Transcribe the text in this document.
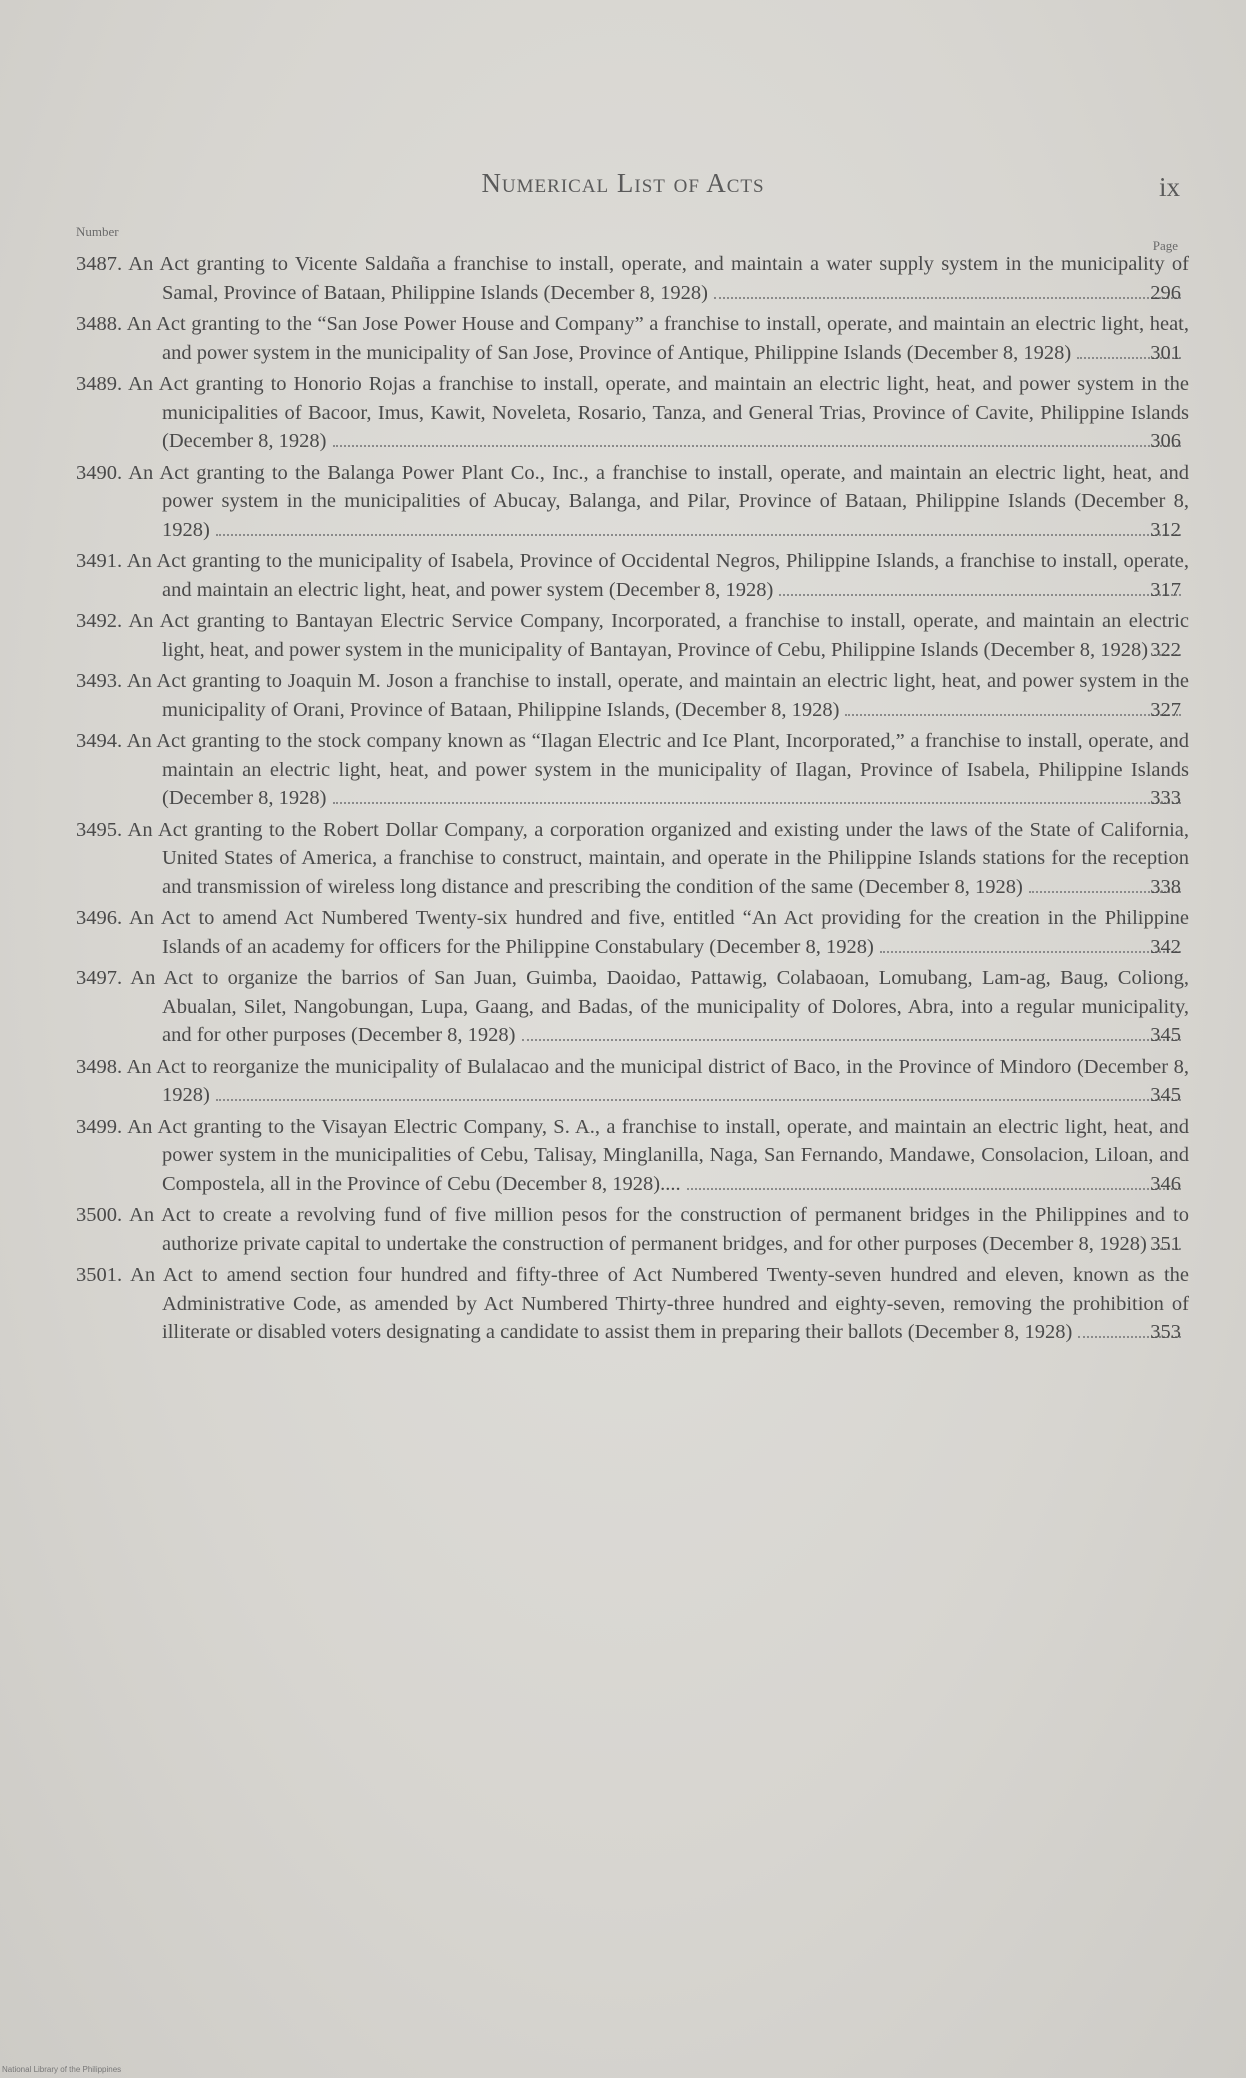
Numerical List of Acts	ix
Number
Page
3487. An Act granting to Vicente Saldaña a franchise to install, operate, and maintain a water supply system in the municipality of Samal, Province of Bataan, Philippine Islands (December 8, 1928)	296
3488. An Act granting to the “San Jose Power House and Company” a franchise to install, operate, and maintain an electric light, heat, and power system in the municipality of San Jose, Province of Antique, Philippine Islands (December 8, 1928)	301
3489. An Act granting to Honorio Rojas a franchise to install, operate, and maintain an electric light, heat, and power system in the municipalities of Bacoor, Imus, Kawit, Noveleta, Rosario, Tanza, and General Trias, Province of Cavite, Philippine Islands (December 8, 1928)	306
3490. An Act granting to the Balanga Power Plant Co., Inc., a franchise to install, operate, and maintain an electric light, heat, and power system in the municipalities of Abucay, Balanga, and Pilar, Province of Bataan, Philippine Islands (December 8, 1928)	312
3491. An Act granting to the municipality of Isabela, Province of Occidental Negros, Philippine Islands, a franchise to install, operate, and maintain an electric light, heat, and power system (December 8, 1928)	317
3492. An Act granting to Bantayan Electric Service Company, Incorporated, a franchise to install, operate, and maintain an electric light, heat, and power system in the municipality of Bantayan, Province of Cebu, Philippine Islands (December 8, 1928) 322
3493. An Act granting to Joaquin M. Joson a franchise to install, operate, and maintain an electric light, heat, and power system in the municipality of Orani, Province of Bataan, Philippine Islands, (December 8, 1928)	327
3494. An Act granting to the stock company known as “Ilagan Electric and Ice Plant, Incorporated,” a franchise to install, operate, and maintain an electric light, heat, and power system in the municipality of Ilagan, Province of Isabela, Philippine Islands (December 8, 1928)	333
3495. An Act granting to the Robert Dollar Company, a corporation organized and existing under the laws of the State of California, United States of America, a franchise to construct, maintain, and operate in the Philippine Islands stations for the reception and transmission of wireless long distance and prescribing the condition of the same (December 8, 1928)	338
3496. An Act to amend Act Numbered Twenty-six hundred and five, entitled “An Act providing for the creation in the Philippine Islands of an academy for officers for the Philippine Constabulary (December 8, 1928)	342
3497. An Act to organize the barrios of San Juan, Guimba, Daoidao, Pattawig, Colabaoan, Lomubang, Lam-ag, Baug, Coliong, Abualan, Silet, Nangobungan, Lupa, Gaang, and Badas, of the municipality of Dolores, Abra, into a regular municipality, and for other purposes (December 8, 1928)	345
3498. An Act to reorganize the municipality of Bulalacao and the municipal district of Baco, in the Province of Mindoro (December 8, 1928)	345
3499. An Act granting to the Visayan Electric Company, S. A., a franchise to install, operate, and maintain an electric light, heat, and power system in the municipalities of Cebu, Talisay, Minglanilla, Naga, San Fernando, Mandawe, Consolacion, Liloan, and Compostela, all in the Province of Cebu (December 8, 1928)....	346
3500. An Act to create a revolving fund of five million pesos for the construction of permanent bridges in the Philippines and to authorize private capital to undertake the construction of permanent bridges, and for other purposes (December 8, 1928) 351
3501. An Act to amend section four hundred and fifty-three of Act Numbered Twenty-seven hundred and eleven, known as the Administrative Code, as amended by Act Numbered Thirty-three hundred and eighty-seven, removing the prohibition of illiterate or disabled voters designating a candidate to assist them in preparing their ballots (December 8, 1928)	353
National Library of the Philippines
